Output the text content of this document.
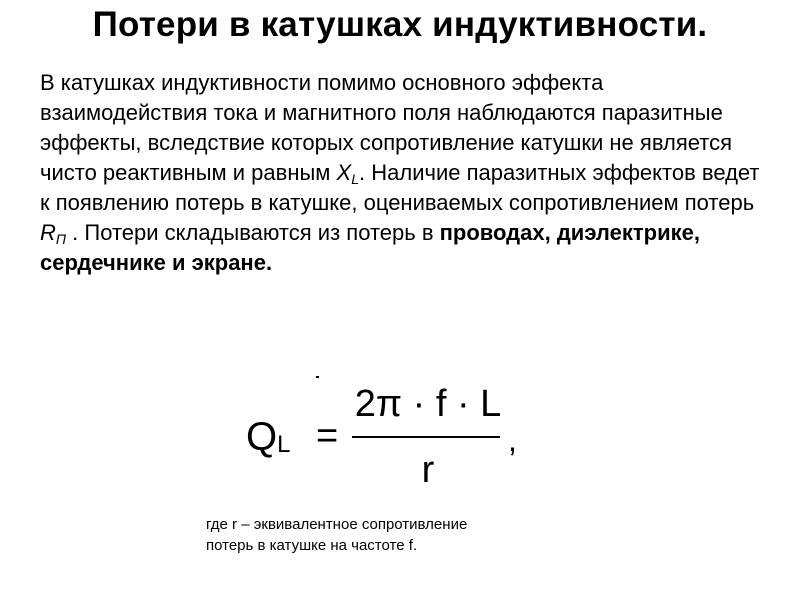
Потери в катушках индуктивности.

В катушках индуктивности помимо основного эффекта взаимодействия тока и магнитного поля наблюдаются паразитные эффекты, вследствие которых сопротивление катушки не является чисто реактивным и равным $X_L$. Наличие паразитных эффектов ведет к появлению потерь в катушке, оцениваемых сопротивлением потерь $R_П$ . Потери складываются из потерь в проводах, диэлектрике, сердечнике и экране.

$Q_L$ =
2π · f · L
r
,
где r – эквивалентное сопротивление
потерь в катушке на частоте f.
